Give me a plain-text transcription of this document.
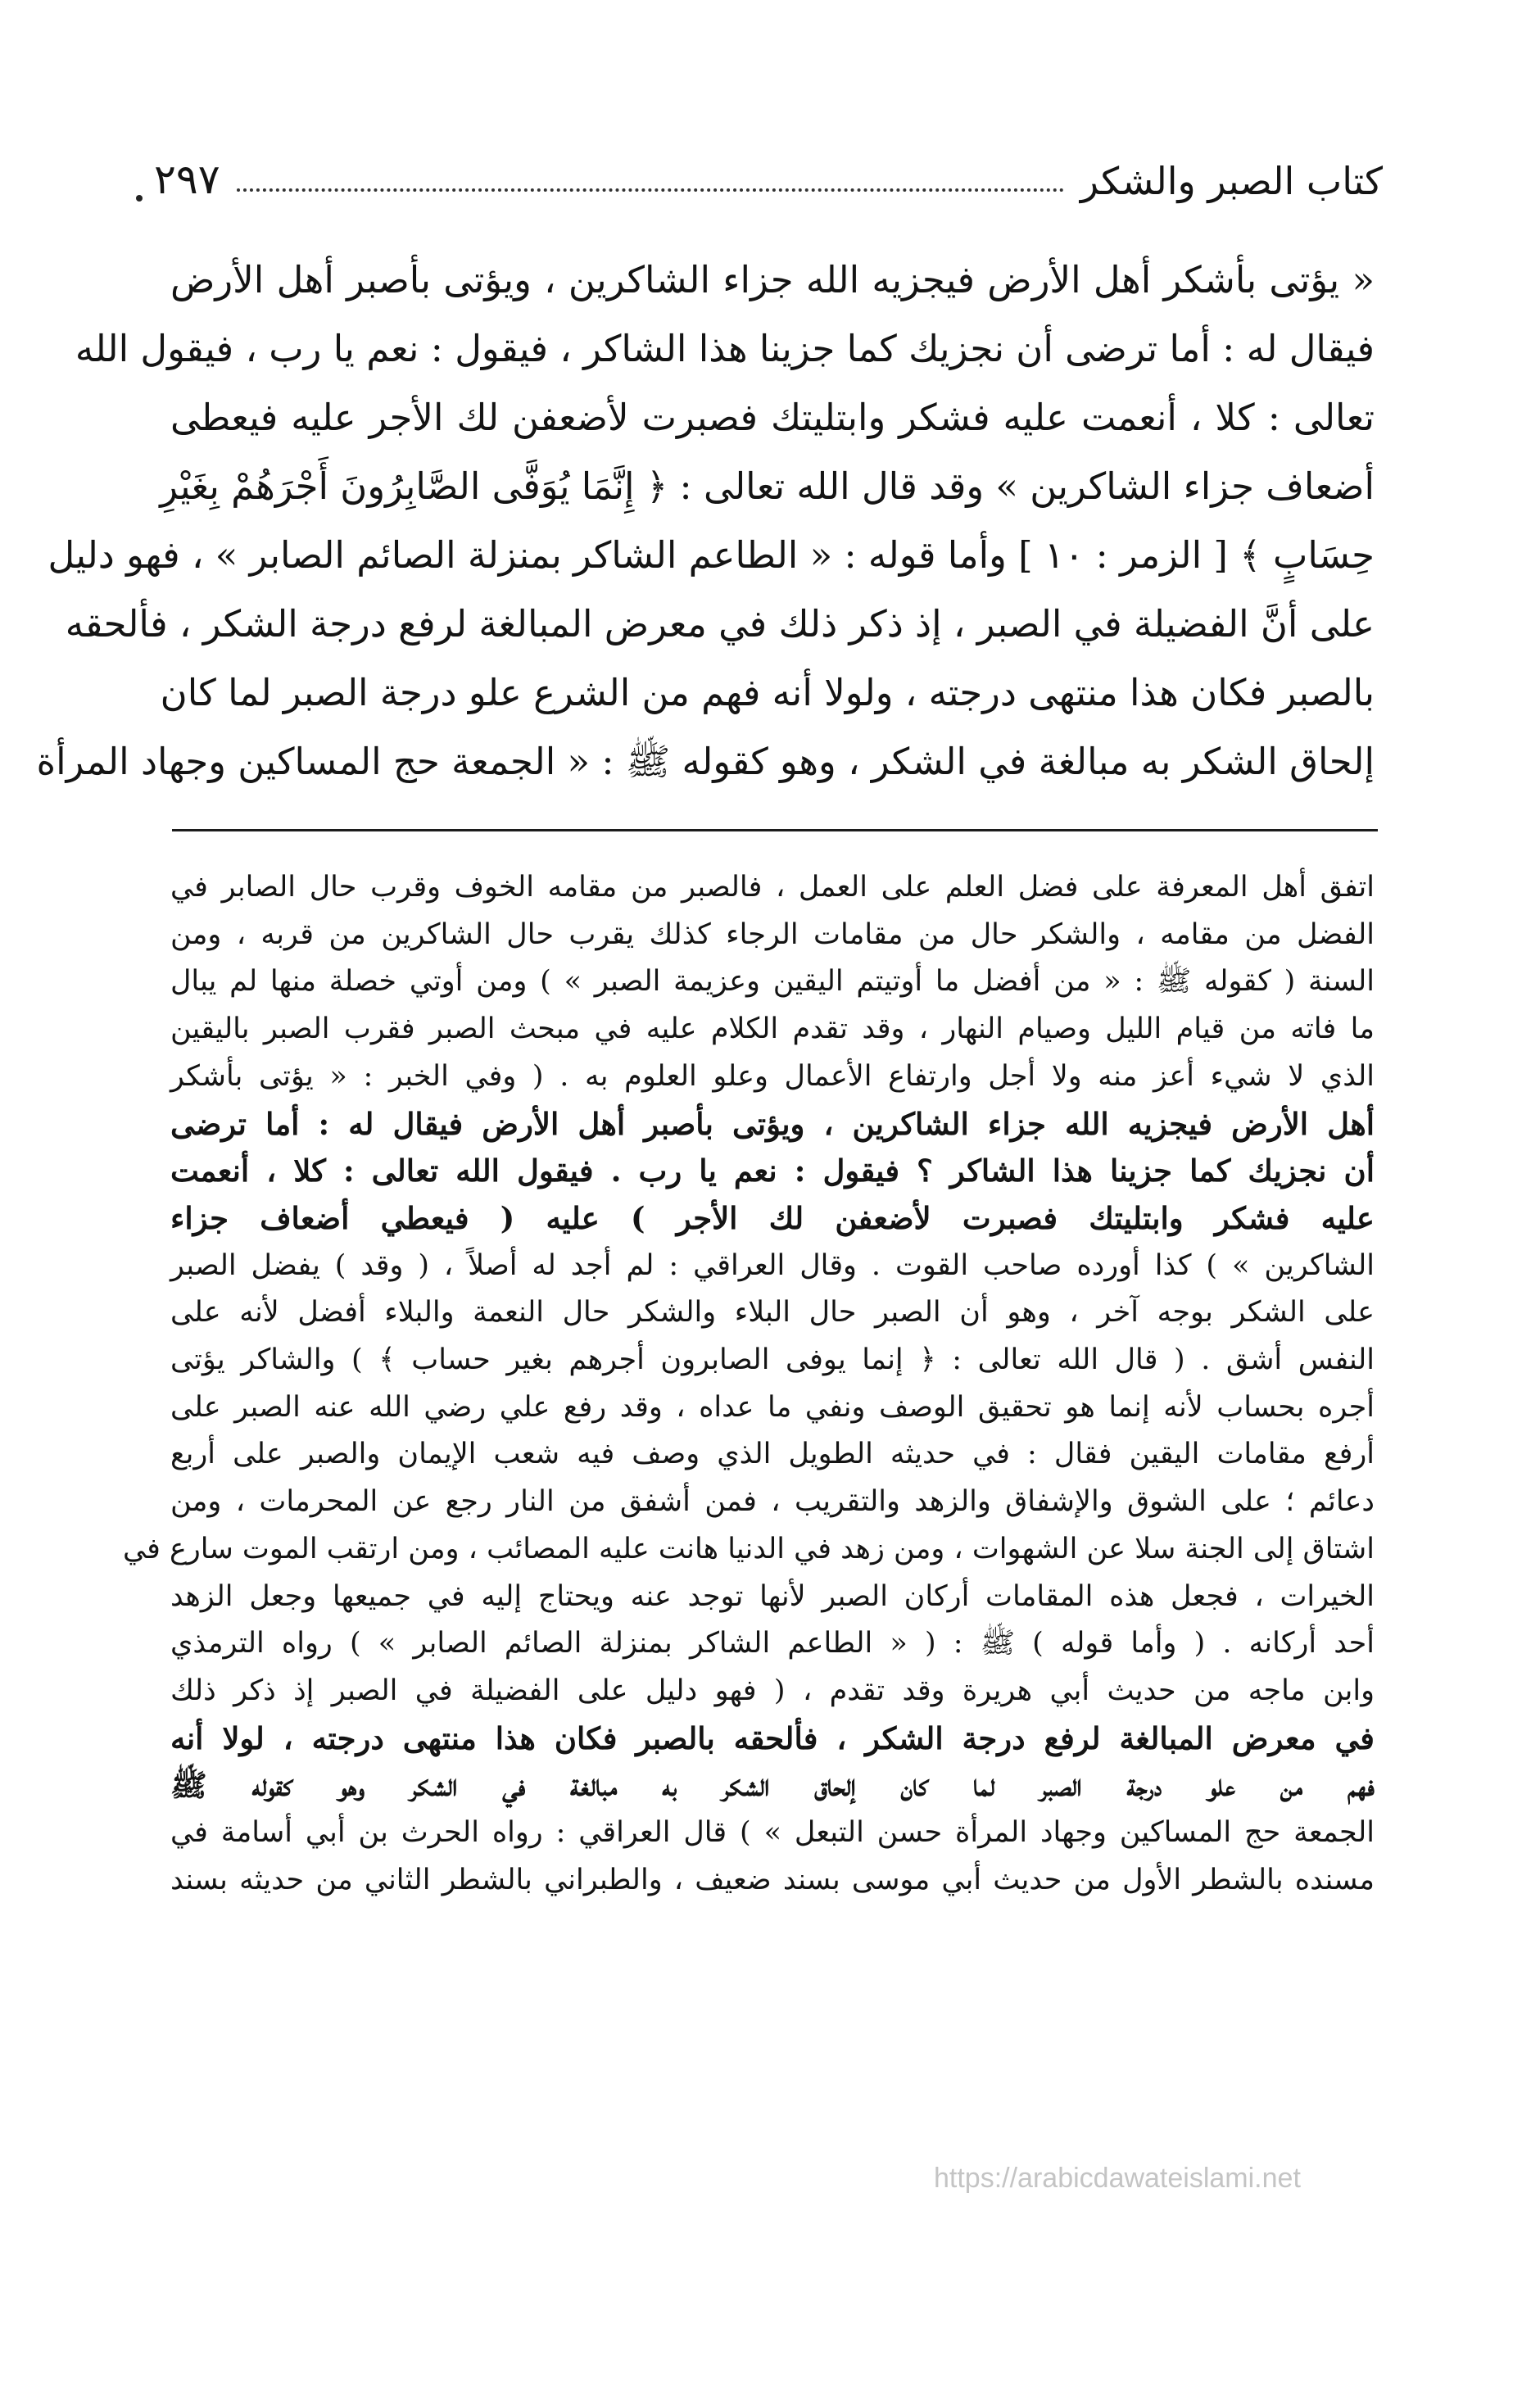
كتاب الصبر والشكر
٢٩٧
« يؤتى بأشكر أهل الأرض فيجزيه الله جزاء الشاكرين ، ويؤتى بأصبر أهل الأرض
فيقال له : أما ترضى أن نجزيك كما جزينا هذا الشاكر ، فيقول : نعم يا رب ، فيقول الله
تعالى : كلا ، أنعمت عليه فشكر وابتليتك فصبرت لأضعفن لك الأجر عليه فيعطى
أضعاف جزاء الشاكرين » وقد قال الله تعالى : ﴿ إِنَّمَا يُوَفَّى الصَّابِرُونَ أَجْرَهُمْ بِغَيْرِ
حِسَابٍ ﴾ [ الزمر : ١٠ ] وأما قوله : « الطاعم الشاكر بمنزلة الصائم الصابر » ، فهو دليل
على أنَّ الفضيلة في الصبر ، إذ ذكر ذلك في معرض المبالغة لرفع درجة الشكر ، فألحقه
بالصبر فكان هذا منتهى درجته ، ولولا أنه فهم من الشرع علو درجة الصبر لما كان
إلحاق الشكر به مبالغة في الشكر ، وهو كقوله ﷺ : « الجمعة حج المساكين وجهاد المرأة
اتفق أهل المعرفة على فضل العلم على العمل ، فالصبر من مقامه الخوف وقرب حال الصابر في
الفضل من مقامه ، والشكر حال من مقامات الرجاء كذلك يقرب حال الشاكرين من قربه ، ومن
السنة ( كقوله ﷺ : « من أفضل ما أوتيتم اليقين وعزيمة الصبر » ) ومن أوتي خصلة منها لم يبال
ما فاته من قيام الليل وصيام النهار ، وقد تقدم الكلام عليه في مبحث الصبر فقرب الصبر باليقين
الذي لا شيء أعز منه ولا أجل وارتفاع الأعمال وعلو العلوم به . ( وفي الخبر : « يؤتى بأشكر
أهل الأرض فيجزيه الله جزاء الشاكرين ، ويؤتى بأصبر أهل الأرض فيقال له : أما ترضى
أن نجزيك كما جزينا هذا الشاكر ؟ فيقول : نعم يا رب . فيقول الله تعالى : كلا ، أنعمت
عليه فشكر وابتليتك فصبرت لأضعفن لك الأجر ) عليه ( فيعطي أضعاف جزاء
الشاكرين » ) كذا أورده صاحب القوت . وقال العراقي : لم أجد له أصلاً ، ( وقد ) يفضل الصبر
على الشكر بوجه آخر ، وهو أن الصبر حال البلاء والشكر حال النعمة والبلاء أفضل لأنه على
النفس أشق . ( قال الله تعالى : ﴿ إنما يوفى الصابرون أجرهم بغير حساب ﴾ ) والشاكر يؤتى
أجره بحساب لأنه إنما هو تحقيق الوصف ونفي ما عداه ، وقد رفع علي رضي الله عنه الصبر على
أرفع مقامات اليقين فقال : في حديثه الطويل الذي وصف فيه شعب الإيمان والصبر على أربع
دعائم ؛ على الشوق والإشفاق والزهد والتقريب ، فمن أشفق من النار رجع عن المحرمات ، ومن
اشتاق إلى الجنة سلا عن الشهوات ، ومن زهد في الدنيا هانت عليه المصائب ، ومن ارتقب الموت سارع في
الخيرات ، فجعل هذه المقامات أركان الصبر لأنها توجد عنه ويحتاج إليه في جميعها وجعل الزهد
أحد أركانه . ( وأما قوله ) ﷺ : ( « الطاعم الشاكر بمنزلة الصائم الصابر » ) رواه الترمذي
وابن ماجه من حديث أبي هريرة وقد تقدم ، ( فهو دليل على الفضيلة في الصبر إذ ذكر ذلك
في معرض المبالغة لرفع درجة الشكر ، فألحقه بالصبر فكان هذا منتهى درجته ، لولا أنه
فهم من علو درجة الصبر لما كان إلحاق الشكر به مبالغة في الشكر وهو كقوله ﷺ
الجمعة حج المساكين وجهاد المرأة حسن التبعل » ) قال العراقي : رواه الحرث بن أبي أسامة في
مسنده بالشطر الأول من حديث أبي موسى بسند ضعيف ، والطبراني بالشطر الثاني من حديثه بسند
https://arabicdawateislami.net
